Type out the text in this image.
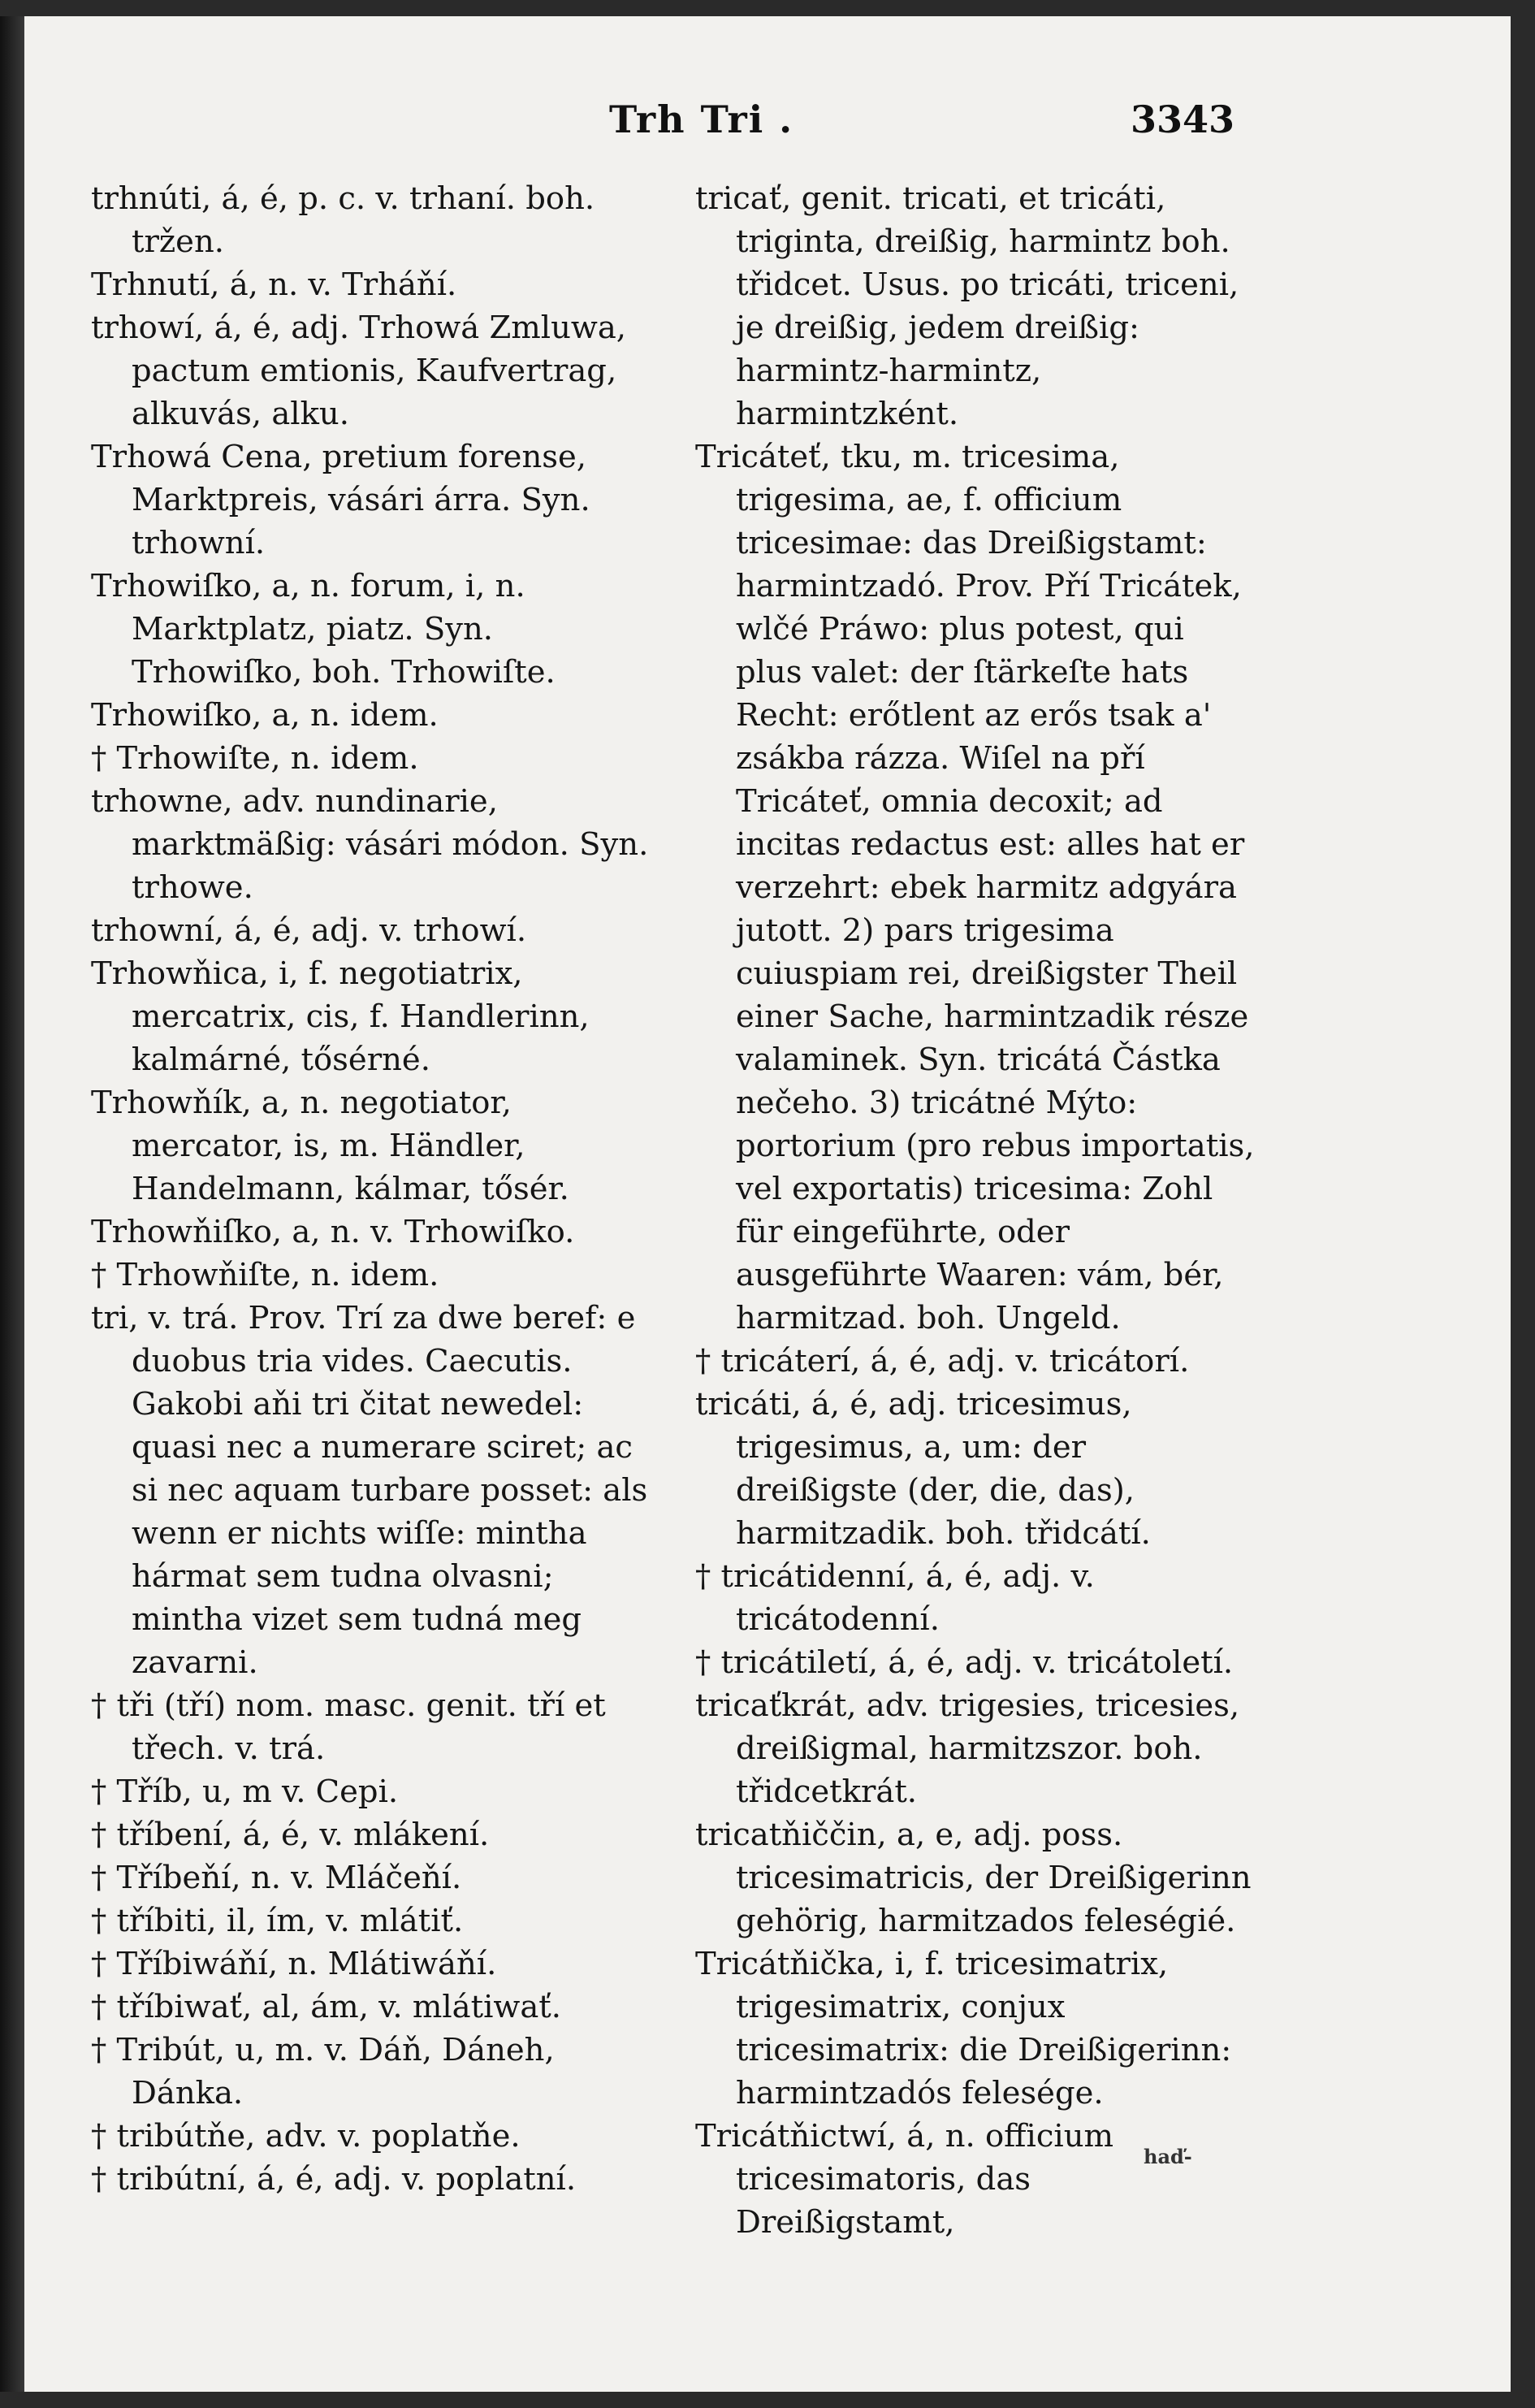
Trh Tri .	3343

trhnúti, á, é, p. c. v. trhaní. boh. tržen.

Trhnutí, á, n. v. Trháňí.

trhowí, á, é, adj. Trhowá Zmluwa, pactum emtionis, Kaufvertrag, alkuvás, alku.

Trhowá Cena, pretium forense, Marktpreis, vásári árra. Syn. trhowní.

Trhowiſko, a, n. forum, i, n. Marktplatz, piatz. Syn. Trhowiſko, boh. Trhowiſte.

Trhowiſko, a, n. idem.

† Trhowiſte, n. idem.

trhowne, adv. nundinarie, marktmäßig: vásári módon. Syn. trhowe.

trhowní, á, é, adj. v. trhowí.

Trhowňica, i, f. negotiatrix, mercatrix, cis, f. Handlerinn, kalmárné, tősérné.

Trhowňík, a, n. negotiator, mercator, is, m. Händler, Handelmann, kálmar, tősér.

Trhowňiſko, a, n. v. Trhowiſko.

† Trhowňiſte, n. idem.

tri, v. trá. Prov. Trí za dwe beref: e duobus tria vides. Caecutis. Gakobi aňi tri čitat newedel: quasi nec a numerare sciret; ac si nec aquam turbare posset: als wenn er nichts wiſſe: mintha hármat sem tudna olvasni; mintha vizet sem tudná meg zavarni.

† tři (tří) nom. masc. genit. tří et třech. v. trá.

† Tříb, u, m v. Cepi.

† tříbení, á, é, v. mlákení.

† Tříbeňí, n. v. Mláčeňí.

† tříbiti, il, ím, v. mlátiť.

† Tříbiwáňí, n. Mlátiwáňí.

† tříbiwať, al, ám, v. mlátiwať.

† Tribút, u, m. v. Dáň, Dáneh, Dánka.

† tribútňe, adv. v. poplatňe.

† tribútní, á, é, adj. v. poplatní.

tricať, genit. tricati, et tricáti, triginta, dreißig, harmintz boh. třidcet. Usus. po tricáti, triceni, je dreißig, jedem dreißig: harmintz-harmintz, harmintzként.

Tricáteť, tku, m. tricesima, trigesima, ae, f. officium tricesimae: das Dreißigstamt: harmintzadó. Prov. Pří Tricátek, wlčé Práwo: plus potest, qui plus valet: der ſtärkeſte hats Recht: erőtlent az erős tsak a' zsákba rázza. Wiſel na pří Tricáteť, omnia decoxit; ad incitas redactus est: alles hat er verzehrt: ebek harmitz adgyára jutott. 2) pars trigesima cuiuspiam rei, dreißigster Theil einer Sache, harmintzadik része valaminek. Syn. tricátá Částka nečeho. 3) tricátné Mýto: portorium (pro rebus importatis, vel exportatis) tricesima: Zohl für eingeführte, oder ausgeführte Waaren: vám, bér, harmitzad. boh. Ungeld.

† tricáterí, á, é, adj. v. tricátorí.

tricáti, á, é, adj. tricesimus, trigesimus, a, um: der dreißigste (der, die, das), harmitzadik. boh. třidcátí.

† tricátidenní, á, é, adj. v. tricátodenní.

† tricátiletí, á, é, adj. v. tricátoletí.

tricaťkrát, adv. trigesies, tricesies, dreißigmal, harmitzszor. boh. třidcetkrát.

tricatňiččin, a, e, adj. poss. tricesimatricis, der Dreißigerinn gehörig, harmitzados feleségié.

Tricátňička, i, f. tricesimatrix, trigesimatrix, conjux tricesimatrix: die Dreißigerinn: harmintzadós felesége.

Tricátňictwí, á, n. officium tricesimatoris, das Dreißigstamt,

haď-
